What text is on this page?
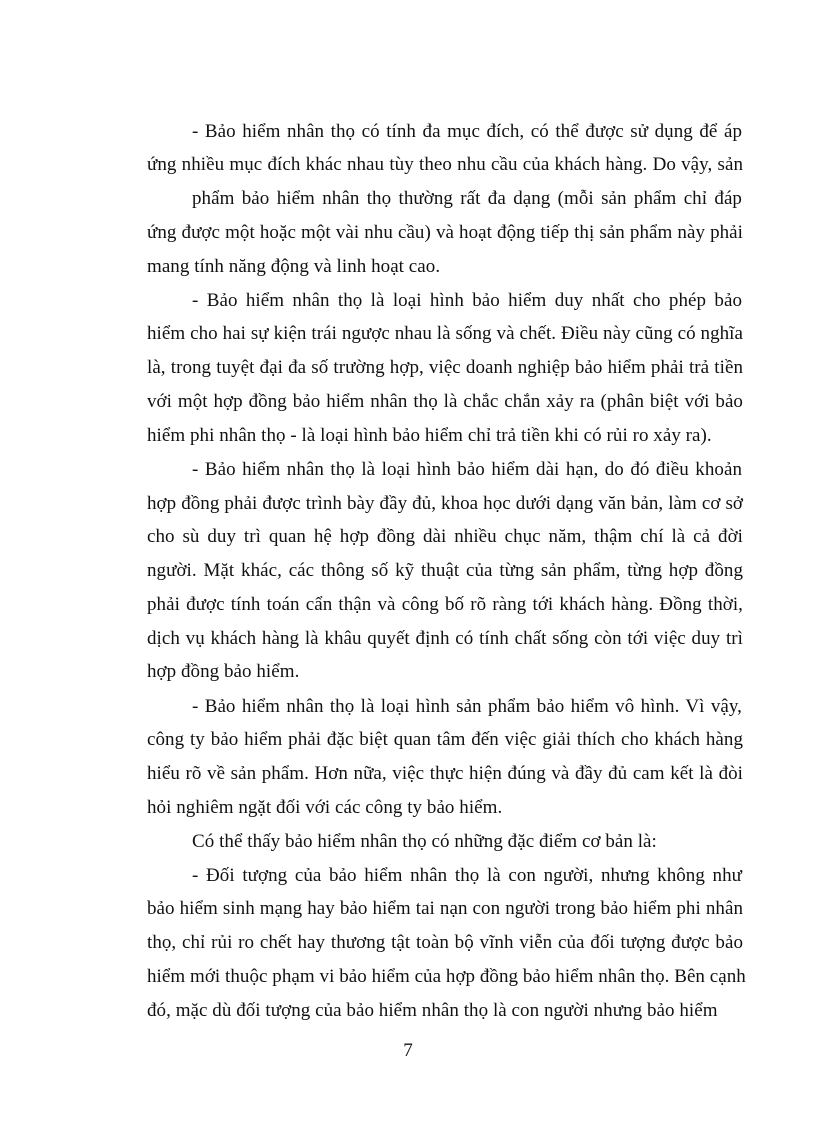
- Bảo hiểm nhân thọ có tính đa mục đích, có thể được sử dụng để áp
ứng nhiều mục đích khác nhau tùy theo nhu cầu của khách hàng. Do vậy, sản
phẩm bảo hiểm nhân thọ thường rất đa dạng (mỗi sản phẩm chỉ đáp
ứng được một hoặc một vài nhu cầu) và hoạt động tiếp thị sản phẩm này phải
mang tính năng động và linh hoạt cao.
- Bảo hiểm nhân thọ là loại hình bảo hiểm duy nhất cho phép bảo
hiểm cho hai sự kiện trái ngược nhau là sống và chết. Điều này cũng có nghĩa
là, trong tuyệt đại đa số trường hợp, việc doanh nghiệp bảo hiểm phải trả tiền
với một hợp đồng bảo hiểm nhân thọ là chắc chắn xảy ra (phân biệt với bảo
hiểm phi nhân thọ - là loại hình bảo hiểm chỉ trả tiền khi có rủi ro xảy ra).
- Bảo hiểm nhân thọ là loại hình bảo hiểm dài hạn, do đó điều khoản
hợp đồng phải được trình bày đầy đủ, khoa học dưới dạng văn bản, làm cơ sở
cho sù duy trì quan hệ hợp đồng dài nhiều chục năm, thậm chí là cả đời
người. Mặt khác, các thông số kỹ thuật của từng sản phẩm, từng hợp đồng
phải được tính toán cẩn thận và công bố rõ ràng tới khách hàng. Đồng thời,
dịch vụ khách hàng là khâu quyết định có tính chất sống còn tới việc duy trì
hợp đồng bảo hiểm.
- Bảo hiểm nhân thọ là loại hình sản phẩm bảo hiểm vô hình. Vì vậy,
công ty bảo hiểm phải đặc biệt quan tâm đến việc giải thích cho khách hàng
hiểu rõ về sản phẩm. Hơn nữa, việc thực hiện đúng và đầy đủ cam kết là đòi
hỏi nghiêm ngặt đối với các công ty bảo hiểm.
Có thể thấy bảo hiểm nhân thọ có những đặc điểm cơ bản là:
- Đối tượng của bảo hiểm nhân thọ là con người, nhưng không như
bảo hiểm sinh mạng hay bảo hiểm tai nạn con người trong bảo hiểm phi nhân
thọ, chỉ rủi ro chết hay thương tật toàn bộ vĩnh viễn của đối tượng được bảo
hiểm mới thuộc phạm vi bảo hiểm của hợp đồng bảo hiểm nhân thọ. Bên cạnh
đó, mặc dù đối tượng của bảo hiểm nhân thọ là con người nhưng bảo hiểm
7
